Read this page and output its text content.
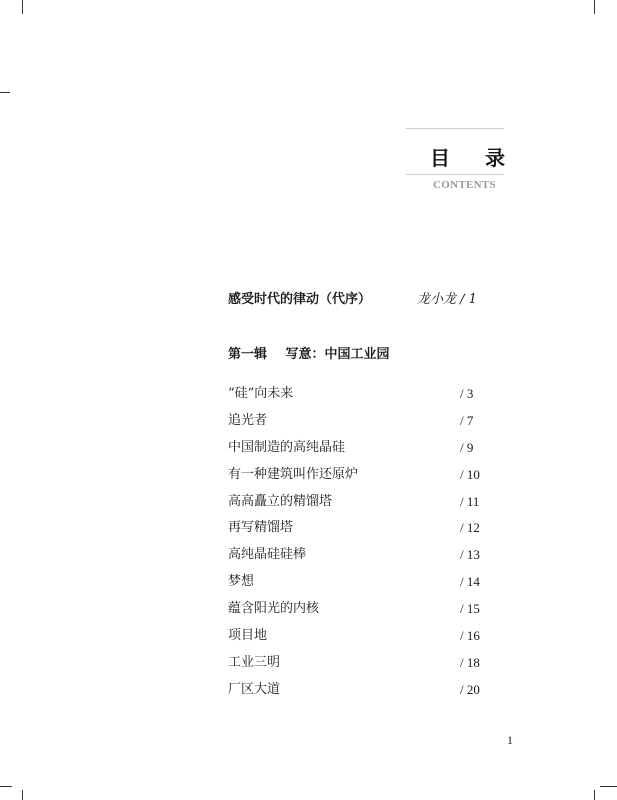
目 录
CONTENTS
感受时代的律动（代序）	龙小龙 / 1
第一辑 写意：中国工业园
“硅”向未来	/ 3
追光者	/ 7
中国制造的高纯晶硅	/ 9
有一种建筑叫作还原炉	/ 10
高高矗立的精馏塔	/ 11
再写精馏塔	/ 12
高纯晶硅硅棒	/ 13
梦想	/ 14
蕴含阳光的内核	/ 15
项目地	/ 16
工业三明	/ 18
厂区大道	/ 20
1
